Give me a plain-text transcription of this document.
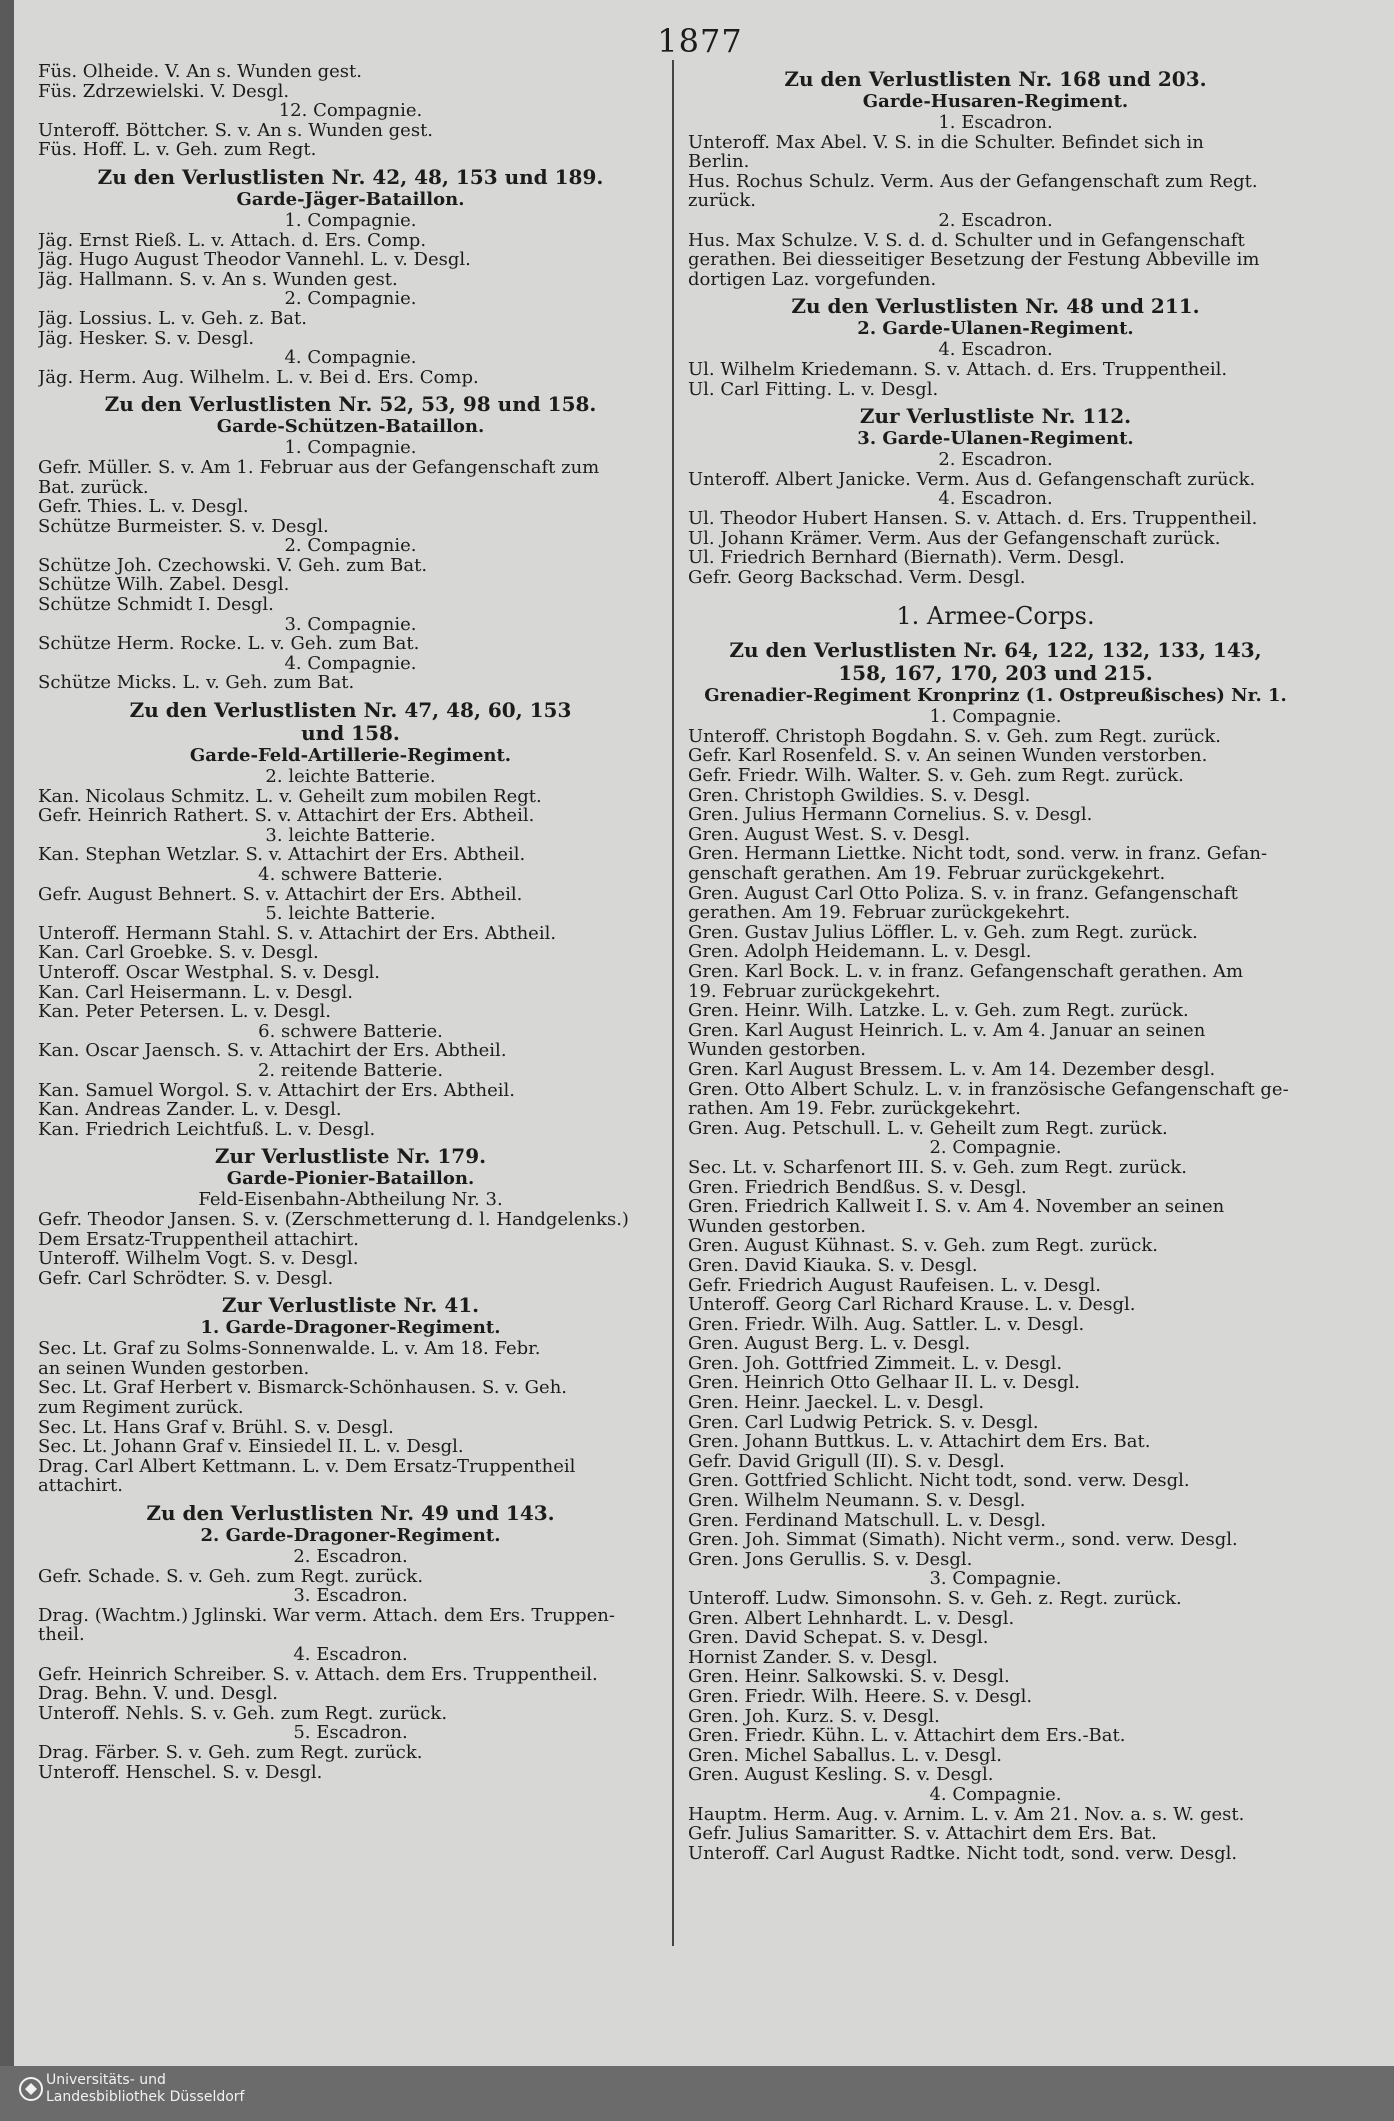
1877
Füs. Olheide. V. An s. Wunden gest.
Füs. Zdrzewielski. V. Desgl.
12. Compagnie.
Unteroff. Böttcher. S. v. An s. Wunden gest.
Füs. Hoff. L. v. Geh. zum Regt.
Zu den Verlustlisten Nr. 42, 48, 153 und 189.
Garde-Jäger-Bataillon.
1. Compagnie.
Jäg. Ernst Rieß. L. v. Attach. d. Ers. Comp.
Jäg. Hugo August Theodor Vannehl. L. v. Desgl.
Jäg. Hallmann. S. v. An s. Wunden gest.
2. Compagnie.
Jäg. Lossius. L. v. Geh. z. Bat.
Jäg. Hesker. S. v. Desgl.
4. Compagnie.
Jäg. Herm. Aug. Wilhelm. L. v. Bei d. Ers. Comp.
Zu den Verlustlisten Nr. 52, 53, 98 und 158.
Garde-Schützen-Bataillon.
1. Compagnie.
Gefr. Müller. S. v. Am 1. Februar aus der Gefangenschaft zum
Bat. zurück.
Gefr. Thies. L. v. Desgl.
Schütze Burmeister. S. v. Desgl.
2. Compagnie.
Schütze Joh. Czechowski. V. Geh. zum Bat.
Schütze Wilh. Zabel. Desgl.
Schütze Schmidt I. Desgl.
3. Compagnie.
Schütze Herm. Rocke. L. v. Geh. zum Bat.
4. Compagnie.
Schütze Micks. L. v. Geh. zum Bat.
Zu den Verlustlisten Nr. 47, 48, 60, 153
und 158.
Garde-Feld-Artillerie-Regiment.
2. leichte Batterie.
Kan. Nicolaus Schmitz. L. v. Geheilt zum mobilen Regt.
Gefr. Heinrich Rathert. S. v. Attachirt der Ers. Abtheil.
3. leichte Batterie.
Kan. Stephan Wetzlar. S. v. Attachirt der Ers. Abtheil.
4. schwere Batterie.
Gefr. August Behnert. S. v. Attachirt der Ers. Abtheil.
5. leichte Batterie.
Unteroff. Hermann Stahl. S. v. Attachirt der Ers. Abtheil.
Kan. Carl Groebke. S. v. Desgl.
Unteroff. Oscar Westphal. S. v. Desgl.
Kan. Carl Heisermann. L. v. Desgl.
Kan. Peter Petersen. L. v. Desgl.
6. schwere Batterie.
Kan. Oscar Jaensch. S. v. Attachirt der Ers. Abtheil.
2. reitende Batterie.
Kan. Samuel Worgol. S. v. Attachirt der Ers. Abtheil.
Kan. Andreas Zander. L. v. Desgl.
Kan. Friedrich Leichtfuß. L. v. Desgl.
Zur Verlustliste Nr. 179.
Garde-Pionier-Bataillon.
Feld-Eisenbahn-Abtheilung Nr. 3.
Gefr. Theodor Jansen. S. v. (Zerschmetterung d. l. Handgelenks.)
Dem Ersatz-Truppentheil attachirt.
Unteroff. Wilhelm Vogt. S. v. Desgl.
Gefr. Carl Schrödter. S. v. Desgl.
Zur Verlustliste Nr. 41.
1. Garde-Dragoner-Regiment.
Sec. Lt. Graf zu Solms-Sonnenwalde. L. v. Am 18. Febr.
an seinen Wunden gestorben.
Sec. Lt. Graf Herbert v. Bismarck-Schönhausen. S. v. Geh.
zum Regiment zurück.
Sec. Lt. Hans Graf v. Brühl. S. v. Desgl.
Sec. Lt. Johann Graf v. Einsiedel II. L. v. Desgl.
Drag. Carl Albert Kettmann. L. v. Dem Ersatz-Truppentheil
attachirt.
Zu den Verlustlisten Nr. 49 und 143.
2. Garde-Dragoner-Regiment.
2. Escadron.
Gefr. Schade. S. v. Geh. zum Regt. zurück.
3. Escadron.
Drag. (Wachtm.) Jglinski. War verm. Attach. dem Ers. Truppen-
theil.
4. Escadron.
Gefr. Heinrich Schreiber. S. v. Attach. dem Ers. Truppentheil.
Drag. Behn. V. und. Desgl.
Unteroff. Nehls. S. v. Geh. zum Regt. zurück.
5. Escadron.
Drag. Färber. S. v. Geh. zum Regt. zurück.
Unteroff. Henschel. S. v. Desgl.
Zu den Verlustlisten Nr. 168 und 203.
Garde-Husaren-Regiment.
1. Escadron.
Unteroff. Max Abel. V. S. in die Schulter. Befindet sich in
Berlin.
Hus. Rochus Schulz. Verm. Aus der Gefangenschaft zum Regt.
zurück.
2. Escadron.
Hus. Max Schulze. V. S. d. d. Schulter und in Gefangenschaft
gerathen. Bei diesseitiger Besetzung der Festung Abbeville im
dortigen Laz. vorgefunden.
Zu den Verlustlisten Nr. 48 und 211.
2. Garde-Ulanen-Regiment.
4. Escadron.
Ul. Wilhelm Kriedemann. S. v. Attach. d. Ers. Truppentheil.
Ul. Carl Fitting. L. v. Desgl.
Zur Verlustliste Nr. 112.
3. Garde-Ulanen-Regiment.
2. Escadron.
Unteroff. Albert Janicke. Verm. Aus d. Gefangenschaft zurück.
4. Escadron.
Ul. Theodor Hubert Hansen. S. v. Attach. d. Ers. Truppentheil.
Ul. Johann Krämer. Verm. Aus der Gefangenschaft zurück.
Ul. Friedrich Bernhard (Biernath). Verm. Desgl.
Gefr. Georg Backschad. Verm. Desgl.
1. Armee-Corps.
Zu den Verlustlisten Nr. 64, 122, 132, 133, 143,
158, 167, 170, 203 und 215.
Grenadier-Regiment Kronprinz (1. Ostpreußisches) Nr. 1.
1. Compagnie.
Unteroff. Christoph Bogdahn. S. v. Geh. zum Regt. zurück.
Gefr. Karl Rosenfeld. S. v. An seinen Wunden verstorben.
Gefr. Friedr. Wilh. Walter. S. v. Geh. zum Regt. zurück.
Gren. Christoph Gwildies. S. v. Desgl.
Gren. Julius Hermann Cornelius. S. v. Desgl.
Gren. August West. S. v. Desgl.
Gren. Hermann Liettke. Nicht todt, sond. verw. in franz. Gefan-
genschaft gerathen. Am 19. Februar zurückgekehrt.
Gren. August Carl Otto Poliza. S. v. in franz. Gefangenschaft
gerathen. Am 19. Februar zurückgekehrt.
Gren. Gustav Julius Löffler. L. v. Geh. zum Regt. zurück.
Gren. Adolph Heidemann. L. v. Desgl.
Gren. Karl Bock. L. v. in franz. Gefangenschaft gerathen. Am
19. Februar zurückgekehrt.
Gren. Heinr. Wilh. Latzke. L. v. Geh. zum Regt. zurück.
Gren. Karl August Heinrich. L. v. Am 4. Januar an seinen
Wunden gestorben.
Gren. Karl August Bressem. L. v. Am 14. Dezember desgl.
Gren. Otto Albert Schulz. L. v. in französische Gefangenschaft ge-
rathen. Am 19. Febr. zurückgekehrt.
Gren. Aug. Petschull. L. v. Geheilt zum Regt. zurück.
2. Compagnie.
Sec. Lt. v. Scharfenort III. S. v. Geh. zum Regt. zurück.
Gren. Friedrich Bendßus. S. v. Desgl.
Gren. Friedrich Kallweit I. S. v. Am 4. November an seinen
Wunden gestorben.
Gren. August Kühnast. S. v. Geh. zum Regt. zurück.
Gren. David Kiauka. S. v. Desgl.
Gefr. Friedrich August Raufeisen. L. v. Desgl.
Unteroff. Georg Carl Richard Krause. L. v. Desgl.
Gren. Friedr. Wilh. Aug. Sattler. L. v. Desgl.
Gren. August Berg. L. v. Desgl.
Gren. Joh. Gottfried Zimmeit. L. v. Desgl.
Gren. Heinrich Otto Gelhaar II. L. v. Desgl.
Gren. Heinr. Jaeckel. L. v. Desgl.
Gren. Carl Ludwig Petrick. S. v. Desgl.
Gren. Johann Buttkus. L. v. Attachirt dem Ers. Bat.
Gefr. David Grigull (II). S. v. Desgl.
Gren. Gottfried Schlicht. Nicht todt, sond. verw. Desgl.
Gren. Wilhelm Neumann. S. v. Desgl.
Gren. Ferdinand Matschull. L. v. Desgl.
Gren. Joh. Simmat (Simath). Nicht verm., sond. verw. Desgl.
Gren. Jons Gerullis. S. v. Desgl.
3. Compagnie.
Unteroff. Ludw. Simonsohn. S. v. Geh. z. Regt. zurück.
Gren. Albert Lehnhardt. L. v. Desgl.
Gren. David Schepat. S. v. Desgl.
Hornist Zander. S. v. Desgl.
Gren. Heinr. Salkowski. S. v. Desgl.
Gren. Friedr. Wilh. Heere. S. v. Desgl.
Gren. Joh. Kurz. S. v. Desgl.
Gren. Friedr. Kühn. L. v. Attachirt dem Ers.-Bat.
Gren. Michel Saballus. L. v. Desgl.
Gren. August Kesling. S. v. Desgl.
4. Compagnie.
Hauptm. Herm. Aug. v. Arnim. L. v. Am 21. Nov. a. s. W. gest.
Gefr. Julius Samaritter. S. v. Attachirt dem Ers. Bat.
Unteroff. Carl August Radtke. Nicht todt, sond. verw. Desgl.
Universitäts- und
Landesbibliothek Düsseldorf
